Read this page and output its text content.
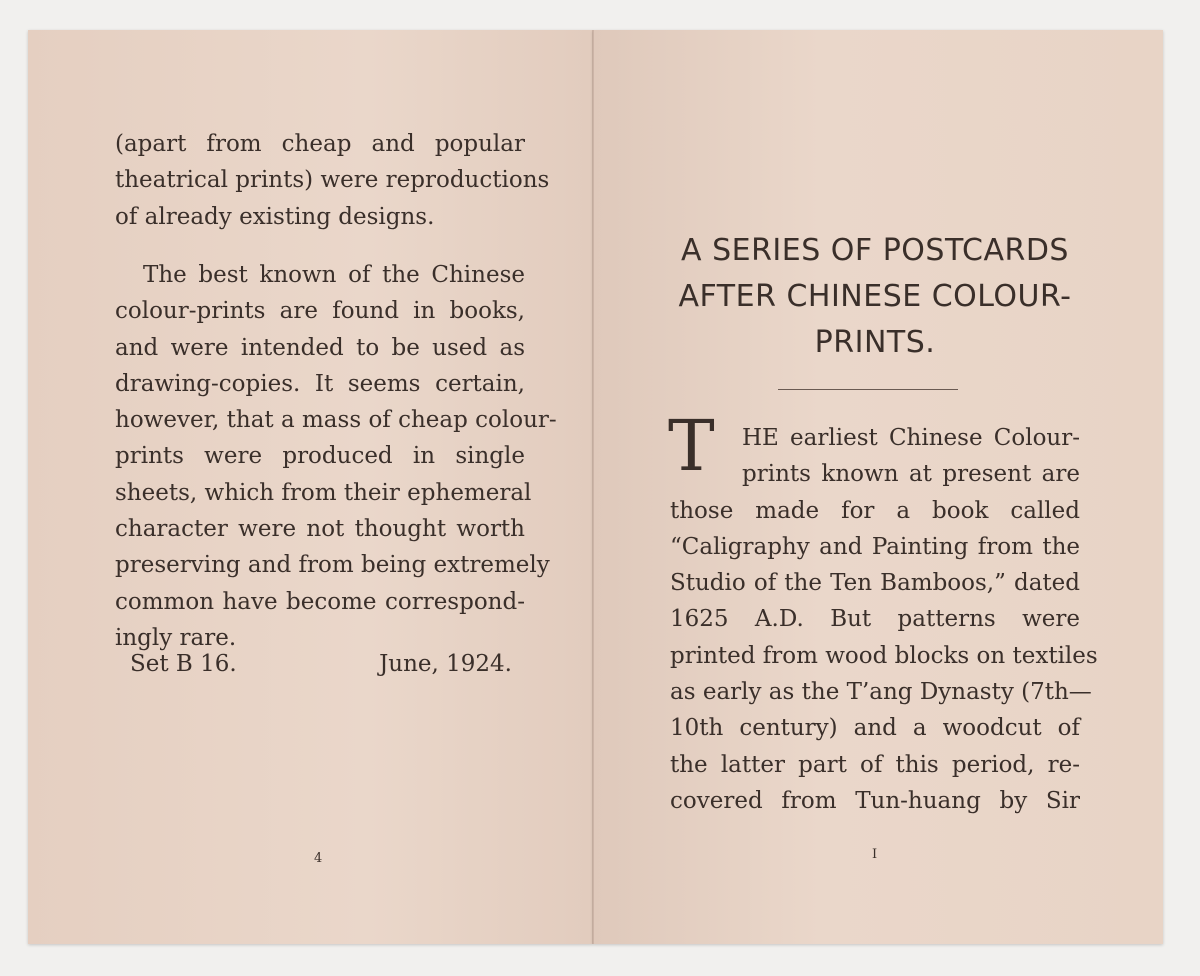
(apart from cheap and popular
theatrical prints) were reproductions
of already existing designs.
The best known of the Chinese
colour-prints are found in books,
and were intended to be used as
drawing-copies. It seems certain,
however, that a mass of cheap colour-
prints were produced in single
sheets, which from their ephemeral
character were not thought worth
preserving and from being extremely
common have become correspond-
ingly rare.
Set B 16.	June, 1924.
4
A SERIES OF POSTCARDS
AFTER CHINESE COLOUR-
PRINTS.
T	HE earliest Chinese Colour-
prints known at present are
those made for a book called
“Caligraphy and Painting from the
Studio of the Ten Bamboos,” dated
1625 A.D. But patterns were
printed from wood blocks on textiles
as early as the T’ang Dynasty (7th—
10th century) and a woodcut of
the latter part of this period, re-
covered from Tun-huang by Sir
I
